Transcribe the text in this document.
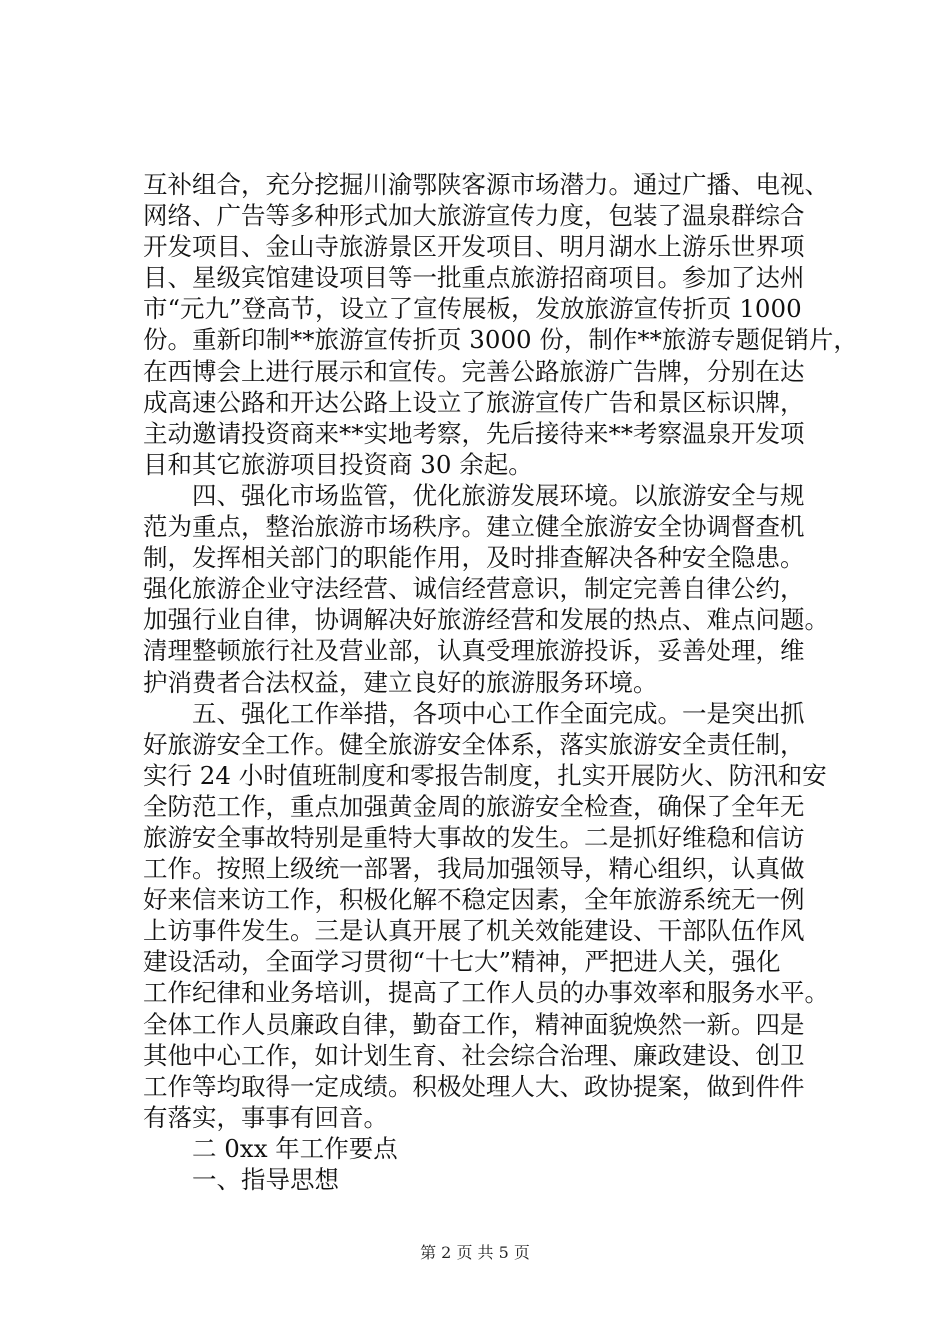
互补组合，充分挖掘川渝鄂陕客源市场潜力。通过广播、电视、
网络、广告等多种形式加大旅游宣传力度，包装了温泉群综合
开发项目、金山寺旅游景区开发项目、明月湖水上游乐世界项
目、星级宾馆建设项目等一批重点旅游招商项目。参加了达州
市“元九”登高节，设立了宣传展板，发放旅游宣传折页 1000
份。重新印制**旅游宣传折页 3000 份，制作**旅游专题促销片，
在西博会上进行展示和宣传。完善公路旅游广告牌，分别在达
成高速公路和开达公路上设立了旅游宣传广告和景区标识牌，
主动邀请投资商来**实地考察，先后接待来**考察温泉开发项
目和其它旅游项目投资商 30 余起。
四、强化市场监管，优化旅游发展环境。以旅游安全与规
范为重点，整治旅游市场秩序。建立健全旅游安全协调督查机
制，发挥相关部门的职能作用，及时排查解决各种安全隐患。
强化旅游企业守法经营、诚信经营意识，制定完善自律公约，
加强行业自律，协调解决好旅游经营和发展的热点、难点问题。
清理整顿旅行社及营业部，认真受理旅游投诉，妥善处理，维
护消费者合法权益，建立良好的旅游服务环境。
五、强化工作举措，各项中心工作全面完成。一是突出抓
好旅游安全工作。健全旅游安全体系，落实旅游安全责任制，
实行 24 小时值班制度和零报告制度，扎实开展防火、防汛和安
全防范工作，重点加强黄金周的旅游安全检查，确保了全年无
旅游安全事故特别是重特大事故的发生。二是抓好维稳和信访
工作。按照上级统一部署，我局加强领导，精心组织，认真做
好来信来访工作，积极化解不稳定因素，全年旅游系统无一例
上访事件发生。三是认真开展了机关效能建设、干部队伍作风
建设活动，全面学习贯彻“十七大”精神，严把进人关，强化
工作纪律和业务培训，提高了工作人员的办事效率和服务水平。
全体工作人员廉政自律，勤奋工作，精神面貌焕然一新。四是
其他中心工作，如计划生育、社会综合治理、廉政建设、创卫
工作等均取得一定成绩。积极处理人大、政协提案，做到件件
有落实，事事有回音。
二 0xx 年工作要点
一、指导思想
第 2 页 共 5 页
